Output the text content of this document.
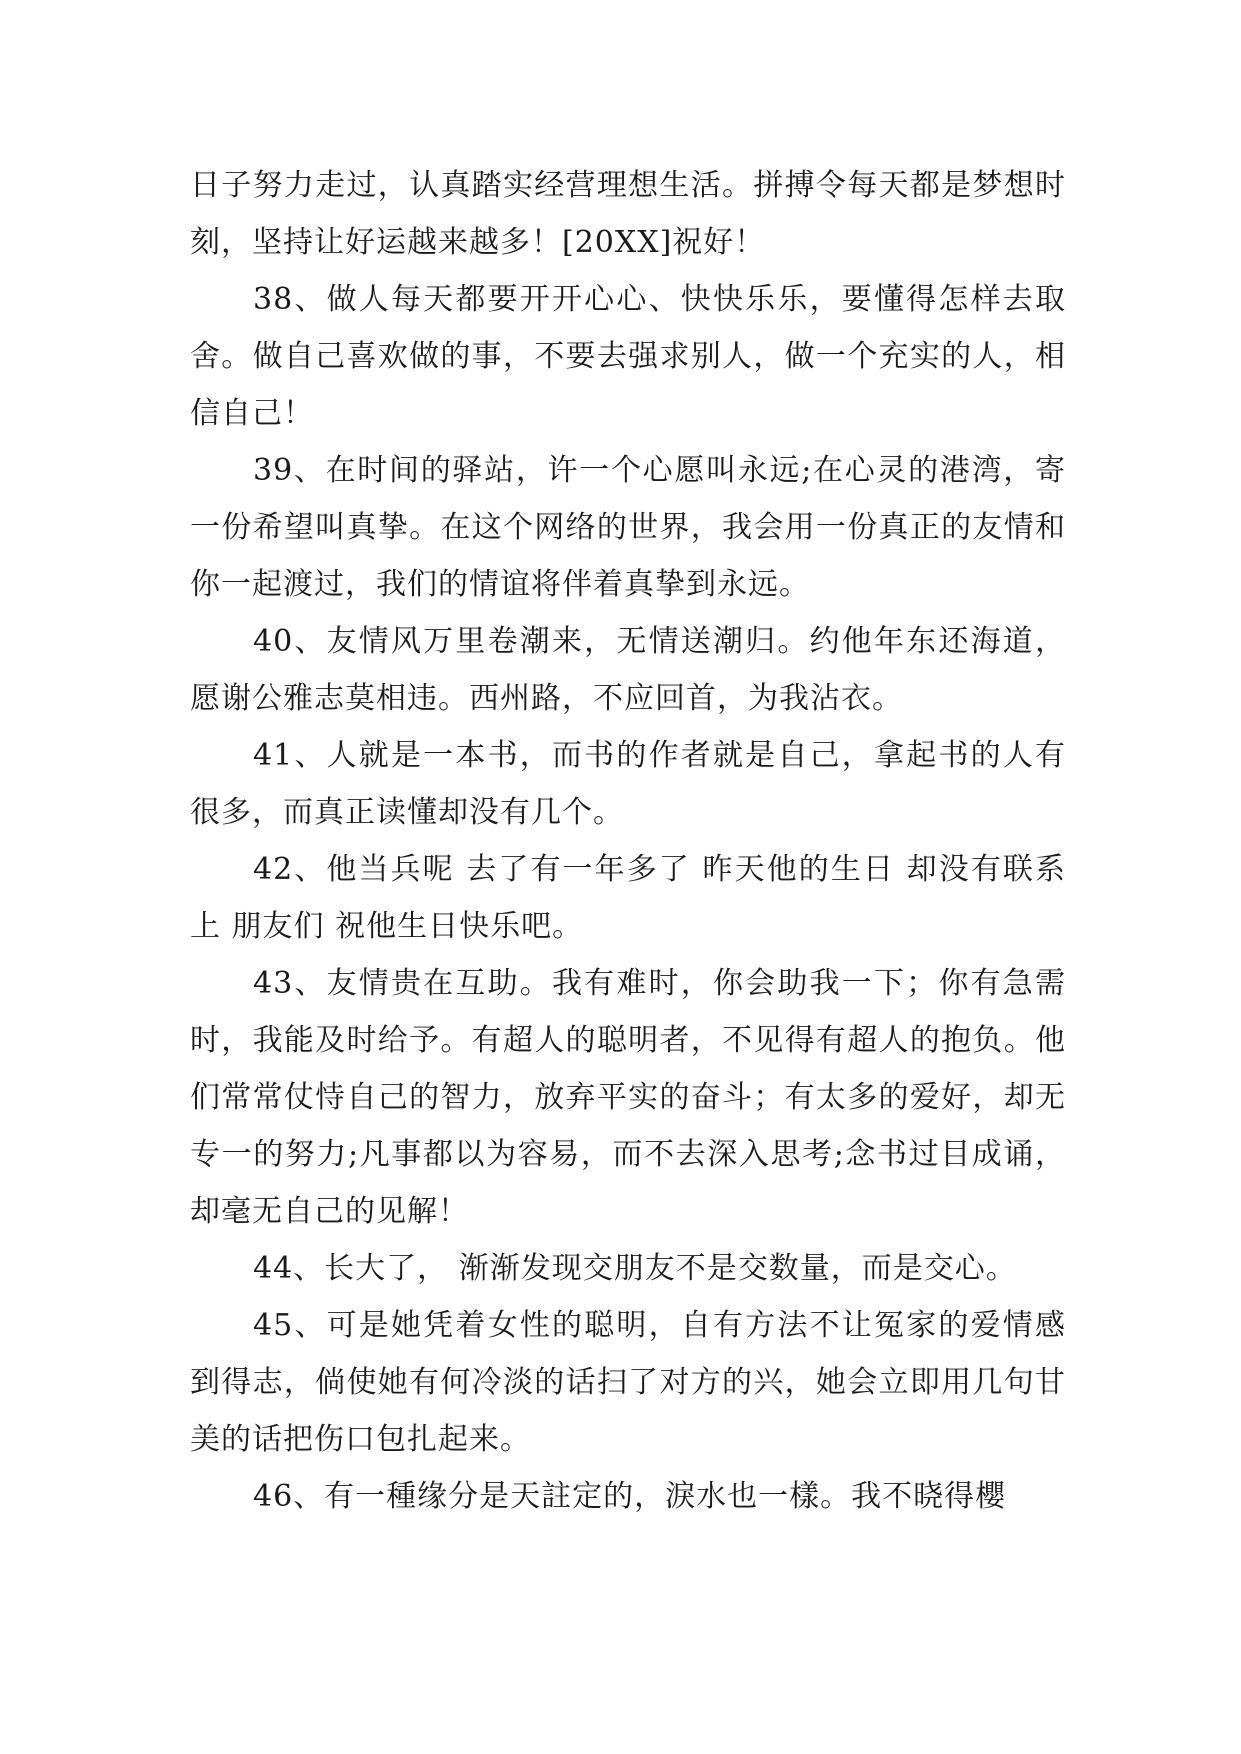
日子努力走过，认真踏实经营理想生活。拼搏令每天都是梦想时刻，坚持让好运越来越多！[20XX]祝好！

38、做人每天都要开开心心、快快乐乐，要懂得怎样去取舍。做自己喜欢做的事，不要去强求别人，做一个充实的人，相信自己！

39、在时间的驿站，许一个心愿叫永远;在心灵的港湾，寄一份希望叫真挚。在这个网络的世界，我会用一份真正的友情和你一起渡过，我们的情谊将伴着真挚到永远。

40、友情风万里卷潮来，无情送潮归。约他年东还海道，愿谢公雅志莫相违。西州路，不应回首，为我沾衣。

41、人就是一本书，而书的作者就是自己，拿起书的人有很多，而真正读懂却没有几个。

42、他当兵呢 去了有一年多了 昨天他的生日 却没有联系上 朋友们 祝他生日快乐吧。

43、友情贵在互助。我有难时，你会助我一下；你有急需时，我能及时给予。有超人的聪明者，不见得有超人的抱负。他们常常仗恃自己的智力，放弃平实的奋斗；有太多的爱好，却无专一的努力;凡事都以为容易，而不去深入思考;念书过目成诵，却毫无自己的见解！

44、长大了， 渐渐发现交朋友不是交数量，而是交心。

45、可是她凭着女性的聪明，自有方法不让冤家的爱情感到得志，倘使她有何冷淡的话扫了对方的兴，她会立即用几句甘美的话把伤口包扎起来。

46、有一種缘分是天註定的，淚水也一樣。我不晓得櫻
